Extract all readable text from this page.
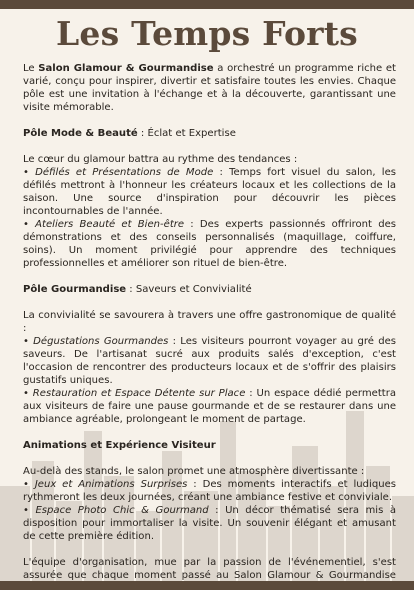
Les Temps Forts

Le Salon Glamour & Gourmandise a orchestré un programme riche et varié, conçu pour inspirer, divertir et satisfaire toutes les envies. Chaque pôle est une invitation à l'échange et à la découverte, garantissant une visite mémorable.

Pôle Mode & Beauté : Éclat et Expertise

Le cœur du glamour battra au rythme des tendances :

• Défilés et Présentations de Mode : Temps fort visuel du salon, les défilés mettront à l'honneur les créateurs locaux et les collections de la saison. Une source d'inspiration pour découvrir les pièces incontournables de l'année.

• Ateliers Beauté et Bien-être : Des experts passionnés offriront des démonstrations et des conseils personnalisés (maquillage, coiffure, soins). Un moment privilégié pour apprendre des techniques professionnelles et améliorer son rituel de bien-être.

Pôle Gourmandise : Saveurs et Convivialité

La convivialité se savourera à travers une offre gastronomique de qualité :

• Dégustations Gourmandes : Les visiteurs pourront voyager au gré des saveurs. De l'artisanat sucré aux produits salés d'exception, c'est l'occasion de rencontrer des producteurs locaux et de s'offrir des plaisirs gustatifs uniques.

• Restauration et Espace Détente sur Place : Un espace dédié permettra aux visiteurs de faire une pause gourmande et de se restaurer dans une ambiance agréable, prolongeant le moment de partage.

Animations et Expérience Visiteur

Au-delà des stands, le salon promet une atmosphère divertissante :

• Jeux et Animations Surprises : Des moments interactifs et ludiques rythmeront les deux journées, créant une ambiance festive et conviviale.

• Espace Photo Chic & Gourmand : Un décor thématisé sera mis à disposition pour immortaliser la visite. Un souvenir élégant et amusant de cette première édition.

L'équipe d'organisation, mue par la passion de l'événementiel, s'est assurée que chaque moment passé au Salon Glamour & Gourmandise
